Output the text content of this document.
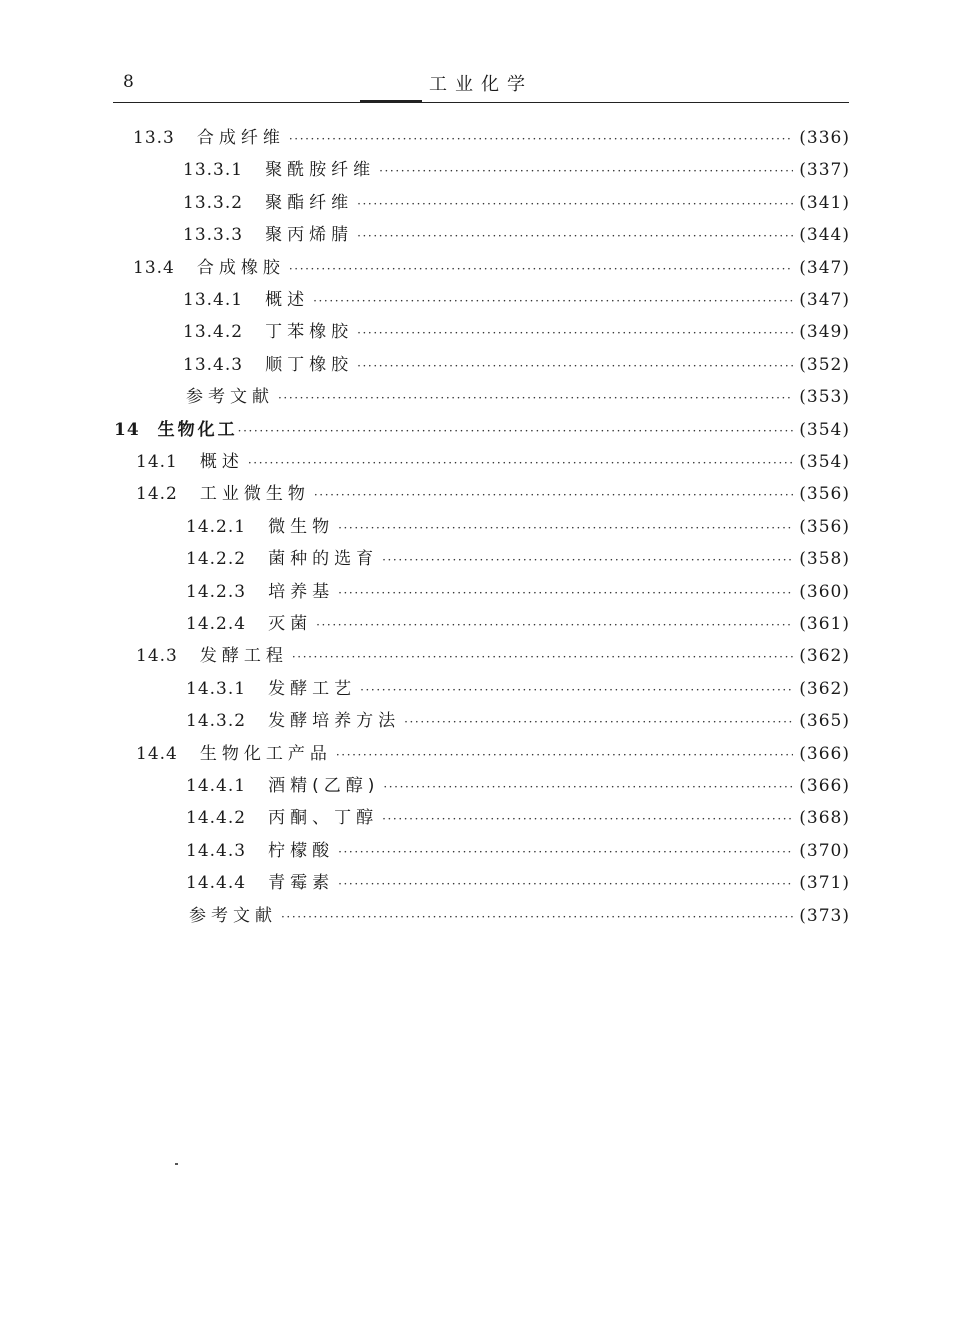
8	工业化学
13.3 合成纤维 ·····	(336)
13.3.1 聚酰胺纤维 ·····	(337)
13.3.2 聚酯纤维 ·····	(341)
13.3.3 聚丙烯腈 ·····	(344)
13.4 合成橡胶 ·····	(347)
13.4.1 概述 ·····	(347)
13.4.2 丁苯橡胶 ·····	(349)
13.4.3 顺丁橡胶 ·····	(352)
参考文献 ·····	(353)
14 生物化工 ·····	(354)
14.1 概述 ·····	(354)
14.2 工业微生物 ·····	(356)
14.2.1 微生物 ·····	(356)
14.2.2 菌种的选育 ·····	(358)
14.2.3 培养基 ·····	(360)
14.2.4 灭菌 ·····	(361)
14.3 发酵工程 ·····	(362)
14.3.1 发酵工艺 ·····	(362)
14.3.2 发酵培养方法 ·····	(365)
14.4 生物化工产品 ·····	(366)
14.4.1 酒精(乙醇) ·····	(366)
14.4.2 丙酮、丁醇 ·····	(368)
14.4.3 柠檬酸 ·····	(370)
14.4.4 青霉素 ·····	(371)
参考文献 ·····	(373)
